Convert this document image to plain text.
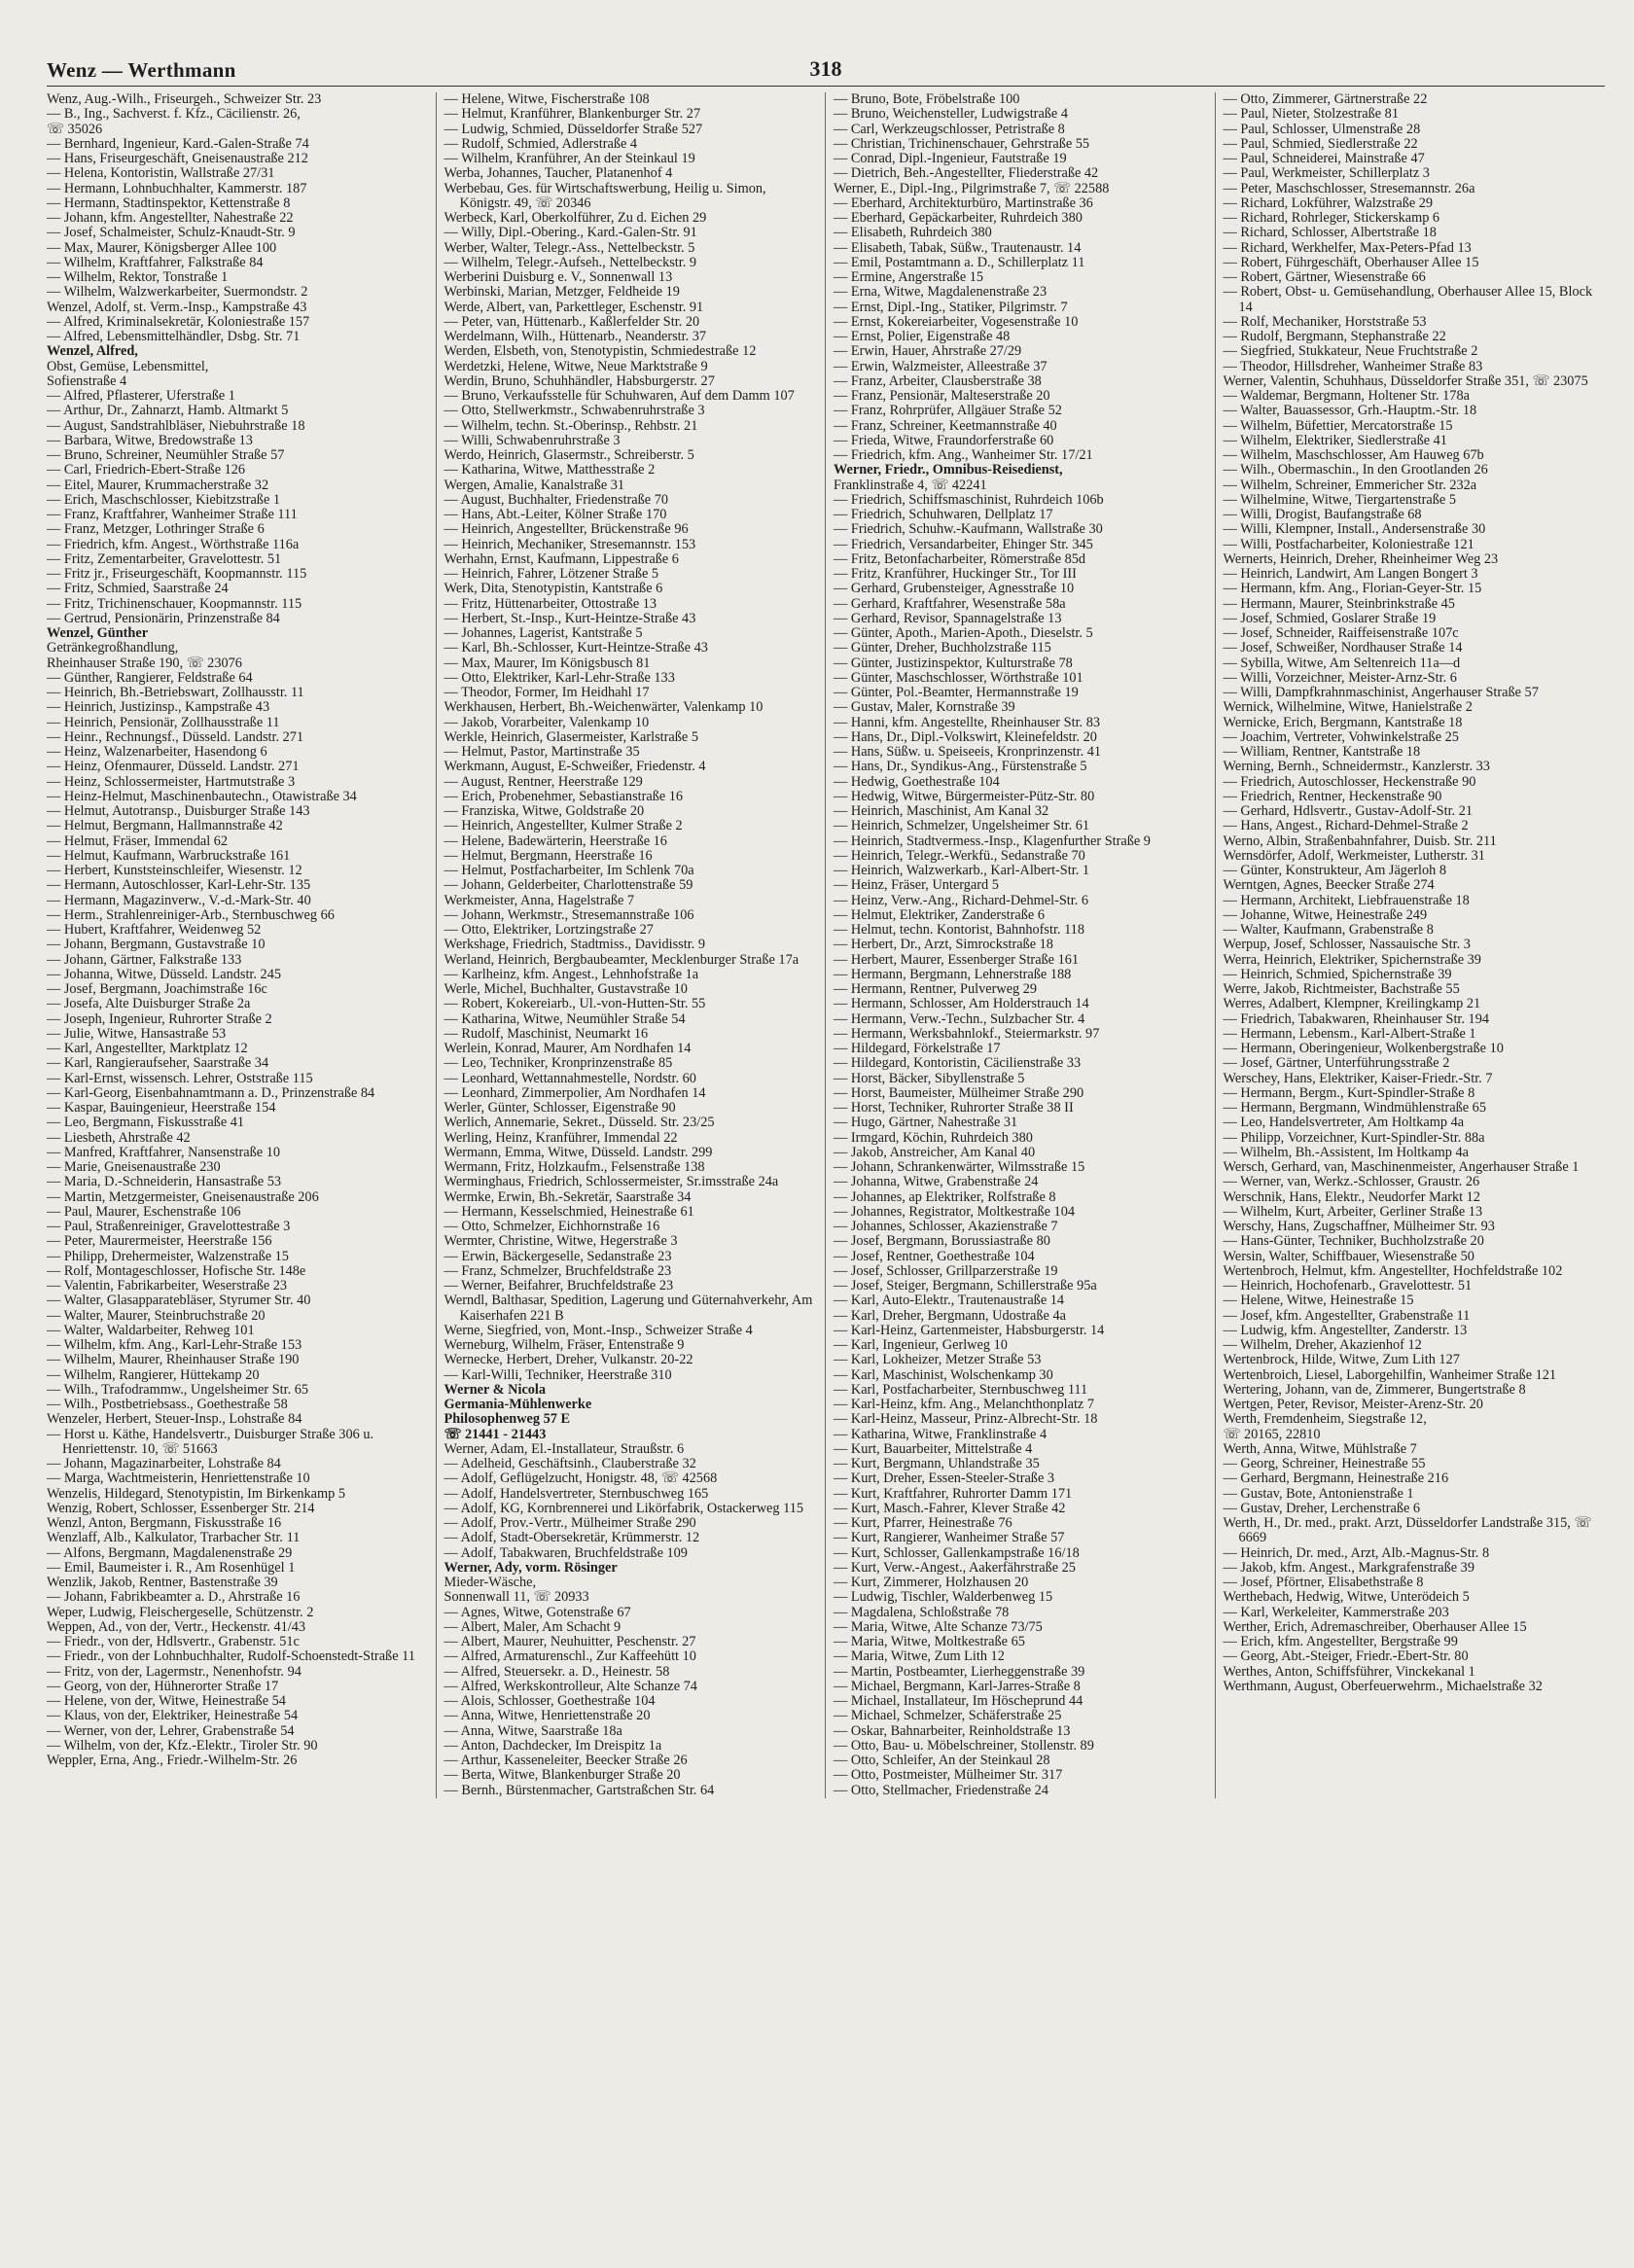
Wenz — Werthmann	318
Wenz, Aug.-Wilh., Friseurgeh., Schweizer Str. 23
— B., Ing., Sachverst. f. Kfz., Cäcilienstr. 26,
☏ 35026
— Bernhard, Ingenieur, Kard.-Galen-Straße 74
— Hans, Friseurgeschäft, Gneisenaustraße 212
— Helena, Kontoristin, Wallstraße 27/31
— Hermann, Lohnbuchhalter, Kammerstr. 187
— Hermann, Stadtinspektor, Kettenstraße 8
— Johann, kfm. Angestellter, Nahestraße 22
— Josef, Schalmeister, Schulz-Knaudt-Str. 9
— Max, Maurer, Königsberger Allee 100
— Wilhelm, Kraftfahrer, Falkstraße 84
— Wilhelm, Rektor, Tonstraße 1
— Wilhelm, Walzwerkarbeiter, Suermondstr. 2
Wenzel, Adolf, st. Verm.-Insp., Kampstraße 43
— Alfred, Kriminalsekretär, Koloniestraße 157
— Alfred, Lebensmittelhändler, Dsbg. Str. 71
Wenzel, Alfred,
Obst, Gemüse, Lebensmittel,
Sofienstraße 4
— Alfred, Pflasterer, Uferstraße 1
— Arthur, Dr., Zahnarzt, Hamb. Altmarkt 5
— August, Sandstrahlbläser, Niebuhrstraße 18
— Barbara, Witwe, Bredowstraße 13
— Bruno, Schreiner, Neumühler Straße 57
— Carl, Friedrich-Ebert-Straße 126
— Eitel, Maurer, Krummacherstraße 32
— Erich, Maschschlosser, Kiebitzstraße 1
— Franz, Kraftfahrer, Wanheimer Straße 111
— Franz, Metzger, Lothringer Straße 6
— Friedrich, kfm. Angest., Wörthstraße 116a
— Fritz, Zementarbeiter, Gravelottestr. 51
— Fritz jr., Friseurgeschäft, Koopmannstr. 115
— Fritz, Schmied, Saarstraße 24
— Fritz, Trichinenschauer, Koopmannstr. 115
— Gertrud, Pensionärin, Prinzenstraße 84
Wenzel, Günther
Getränkegroßhandlung,
Rheinhauser Straße 190, ☏ 23076
— Günther, Rangierer, Feldstraße 64
— Heinrich, Bh.-Betriebswart, Zollhausstr. 11
— Heinrich, Justizinsp., Kampstraße 43
— Heinrich, Pensionär, Zollhausstraße 11
— Heinr., Rechnungsf., Düsseld. Landstr. 271
— Heinz, Walzenarbeiter, Hasendong 6
— Heinz, Ofenmaurer, Düsseld. Landstr. 271
— Heinz, Schlossermeister, Hartmutstraße 3
— Heinz-Helmut, Maschinenbautechn., Otawistraße 34
— Helmut, Autotransp., Duisburger Straße 143
— Helmut, Bergmann, Hallmannstraße 42
— Helmut, Fräser, Immendal 62
— Helmut, Kaufmann, Warbruckstraße 161
— Herbert, Kunststeinschleifer, Wiesenstr. 12
— Hermann, Autoschlosser, Karl-Lehr-Str. 135
— Hermann, Magazinverw., V.-d.-Mark-Str. 40
— Herm., Strahlenreiniger-Arb., Sternbuschweg 66
— Hubert, Kraftfahrer, Weidenweg 52
— Johann, Bergmann, Gustavstraße 10
— Johann, Gärtner, Falkstraße 133
— Johanna, Witwe, Düsseld. Landstr. 245
— Josef, Bergmann, Joachimstraße 16c
— Josefa, Alte Duisburger Straße 2a
— Joseph, Ingenieur, Ruhrorter Straße 2
— Julie, Witwe, Hansastraße 53
— Karl, Angestellter, Marktplatz 12
— Karl, Rangieraufseher, Saarstraße 34
— Karl-Ernst, wissensch. Lehrer, Oststraße 115
— Karl-Georg, Eisenbahnamtmann a. D., Prinzenstraße 84
— Kaspar, Bauingenieur, Heerstraße 154
— Leo, Bergmann, Fiskusstraße 41
— Liesbeth, Ahrstraße 42
— Manfred, Kraftfahrer, Nansenstraße 10
— Marie, Gneisenaustraße 230
— Maria, D.-Schneiderin, Hansastraße 53
— Martin, Metzgermeister, Gneisenaustraße 206
— Paul, Maurer, Eschenstraße 106
— Paul, Straßenreiniger, Gravelottestraße 3
— Peter, Maurermeister, Heerstraße 156
— Philipp, Drehermeister, Walzenstraße 15
— Rolf, Montageschlosser, Hofische Str. 148e
— Valentin, Fabrikarbeiter, Weserstraße 23
— Walter, Glasapparatebläser, Styrumer Str. 40
— Walter, Maurer, Steinbruchstraße 20
— Walter, Waldarbeiter, Rehweg 101
— Wilhelm, kfm. Ang., Karl-Lehr-Straße 153
— Wilhelm, Maurer, Rheinhauser Straße 190
— Wilhelm, Rangierer, Hüttekamp 20
— Wilh., Trafodrammw., Ungelsheimer Str. 65
— Wilh., Postbetriebsass., Goethestraße 58
Wenzeler, Herbert, Steuer-Insp., Lohstraße 84
— Horst u. Käthe, Handelsvertr., Duisburger Straße 306 u. Henriettenstr. 10, ☏ 51663
— Johann, Magazinarbeiter, Lohstraße 84
— Marga, Wachtmeisterin, Henriettenstraße 10
Wenzelis, Hildegard, Stenotypistin, Im Birkenkamp 5
Wenzig, Robert, Schlosser, Essenberger Str. 214
Wenzl, Anton, Bergmann, Fiskusstraße 16
Wenzlaff, Alb., Kalkulator, Trarbacher Str. 11
— Alfons, Bergmann, Magdalenenstraße 29
— Emil, Baumeister i. R., Am Rosenhügel 1
Wenzlik, Jakob, Rentner, Bastenstraße 39
— Johann, Fabrikbeamter a. D., Ahrstraße 16
Weper, Ludwig, Fleischergeselle, Schützenstr. 2
Weppen, Ad., von der, Vertr., Heckenstr. 41/43
— Friedr., von der, Hdlsvertr., Grabenstr. 51c
— Friedr., von der Lohnbuchhalter, Rudolf-Schoenstedt-Straße 11
— Fritz, von der, Lagermstr., Nenenhofstr. 94
— Georg, von der, Hühnerorter Straße 17
— Helene, von der, Witwe, Heinestraße 54
— Klaus, von der, Elektriker, Heinestraße 54
— Werner, von der, Lehrer, Grabenstraße 54
— Wilhelm, von der, Kfz.-Elektr., Tiroler Str. 90
Weppler, Erna, Ang., Friedr.-Wilhelm-Str. 26
— Helene, Witwe, Fischerstraße 108
— Helmut, Kranführer, Blankenburger Str. 27
— Ludwig, Schmied, Düsseldorfer Straße 527
— Rudolf, Schmied, Adlerstraße 4
— Wilhelm, Kranführer, An der Steinkaul 19
Werba, Johannes, Taucher, Platanenhof 4
Werbebau, Ges. für Wirtschaftswerbung, Heilig u. Simon, Königstr. 49, ☏ 20346
Werbeck, Karl, Oberkolführer, Zu d. Eichen 29
— Willy, Dipl.-Obering., Kard.-Galen-Str. 91
Werber, Walter, Telegr.-Ass., Nettelbeckstr. 5
— Wilhelm, Telegr.-Aufseh., Nettelbeckstr. 9
Werberini Duisburg e. V., Sonnenwall 13
Werbinski, Marian, Metzger, Feldheide 19
Werde, Albert, van, Parkettleger, Eschenstr. 91
— Peter, van, Hüttenarb., Kaßlerfelder Str. 20
Werdelmann, Wilh., Hüttenarb., Neanderstr. 37
Werden, Elsbeth, von, Stenotypistin, Schmiedestraße 12
Werdetzki, Helene, Witwe, Neue Marktstraße 9
Werdin, Bruno, Schuhhändler, Habsburgerstr. 27
— Bruno, Verkaufsstelle für Schuhwaren, Auf dem Damm 107
— Otto, Stellwerkmstr., Schwabenruhrstraße 3
— Wilhelm, techn. St.-Oberinsp., Rehbstr. 21
— Willi, Schwabenruhrstraße 3
Werdo, Heinrich, Glasermstr., Schreiberstr. 5
— Katharina, Witwe, Matthesstraße 2
Wergen, Amalie, Kanalstraße 31
— August, Buchhalter, Friedenstraße 70
— Hans, Abt.-Leiter, Kölner Straße 170
— Heinrich, Angestellter, Brückenstraße 96
— Heinrich, Mechaniker, Stresemannstr. 153
Werhahn, Ernst, Kaufmann, Lippestraße 6
— Heinrich, Fahrer, Lötzener Straße 5
Werk, Dita, Stenotypistin, Kantstraße 6
— Fritz, Hüttenarbeiter, Ottostraße 13
— Herbert, St.-Insp., Kurt-Heintze-Straße 43
— Johannes, Lagerist, Kantstraße 5
— Karl, Bh.-Schlosser, Kurt-Heintze-Straße 43
— Max, Maurer, Im Königsbusch 81
— Otto, Elektriker, Karl-Lehr-Straße 133
— Theodor, Former, Im Heidhahl 17
Werkhausen, Herbert, Bh.-Weichenwärter, Valenkamp 10
— Jakob, Vorarbeiter, Valenkamp 10
Werkle, Heinrich, Glasermeister, Karlstraße 5
— Helmut, Pastor, Martinstraße 35
Werkmann, August, E-Schweißer, Friedenstr. 4
— August, Rentner, Heerstraße 129
— Erich, Probenehmer, Sebastianstraße 16
— Franziska, Witwe, Goldstraße 20
— Heinrich, Angestellter, Kulmer Straße 2
— Helene, Badewärterin, Heerstraße 16
— Helmut, Bergmann, Heerstraße 16
— Helmut, Postfacharbeiter, Im Schlenk 70a
— Johann, Gelderbeiter, Charlottenstraße 59
Werkmeister, Anna, Hagelstraße 7
— Johann, Werkmstr., Stresemannstraße 106
— Otto, Elektriker, Lortzingstraße 27
Werkshage, Friedrich, Stadtmiss., Davidisstr. 9
Werland, Heinrich, Bergbaubeamter, Mecklenburger Straße 17a
— Karlheinz, kfm. Angest., Lehnhofstraße 1a
Werle, Michel, Buchhalter, Gustavstraße 10
— Robert, Kokereiarb., Ul.-von-Hutten-Str. 55
— Katharina, Witwe, Neumühler Straße 54
— Rudolf, Maschinist, Neumarkt 16
Werlein, Konrad, Maurer, Am Nordhafen 14
— Leo, Techniker, Kronprinzenstraße 85
— Leonhard, Wettannahmestelle, Nordstr. 60
— Leonhard, Zimmerpolier, Am Nordhafen 14
Werler, Günter, Schlosser, Eigenstraße 90
Werlich, Annemarie, Sekret., Düsseld. Str. 23/25
Werling, Heinz, Kranführer, Immendal 22
Wermann, Emma, Witwe, Düsseld. Landstr. 299
Wermann, Fritz, Holzkaufm., Felsenstraße 138
Werminghaus, Friedrich, Schlossermeister, Sr.imsstraße 24a
Wermke, Erwin, Bh.-Sekretär, Saarstraße 34
— Hermann, Kesselschmied, Heinestraße 61
— Otto, Schmelzer, Eichhornstraße 16
Wermter, Christine, Witwe, Hegerstraße 3
— Erwin, Bäckergeselle, Sedanstraße 23
— Franz, Schmelzer, Bruchfeldstraße 23
— Werner, Beifahrer, Bruchfeldstraße 23
Werndl, Balthasar, Spedition, Lagerung und Güternahverkehr, Am Kaiserhafen 221 B
Werne, Siegfried, von, Mont.-Insp., Schweizer Straße 4
Werneburg, Wilhelm, Fräser, Entenstraße 9
Wernecke, Herbert, Dreher, Vulkanstr. 20-22
— Karl-Willi, Techniker, Heerstraße 310
Werner & Nicola
Germania-Mühlenwerke
Philosophenweg 57 E
☏ 21441 - 21443
Werner, Adam, El.-Installateur, Straußstr. 6
— Adelheid, Geschäftsinh., Clauberstraße 32
— Adolf, Geflügelzucht, Honigstr. 48, ☏ 42568
— Adolf, Handelsvertreter, Sternbuschweg 165
— Adolf, KG, Kornbrennerei und Likörfabrik, Ostackerweg 115
— Adolf, Prov.-Vertr., Mülheimer Straße 290
— Adolf, Stadt-Obersekretär, Krümmerstr. 12
— Adolf, Tabakwaren, Bruchfeldstraße 109
Werner, Ady, vorm. Rösinger
Mieder-Wäsche,
Sonnenwall 11, ☏ 20933
— Agnes, Witwe, Gotenstraße 67
— Albert, Maler, Am Schacht 9
— Albert, Maurer, Neuhuitter, Peschenstr. 27
— Alfred, Armaturenschl., Zur Kaffeehütt 10
— Alfred, Steuersekr. a. D., Heinestr. 58
— Alfred, Werkskontrolleur, Alte Schanze 74
— Alois, Schlosser, Goethestraße 104
— Anna, Witwe, Henriettenstraße 20
— Anna, Witwe, Saarstraße 18a
— Anton, Dachdecker, Im Dreispitz 1a
— Arthur, Kasseneleiter, Beecker Straße 26
— Berta, Witwe, Blankenburger Straße 20
— Bernh., Bürstenmacher, Gartstraßchen Str. 64
— Bruno, Bote, Fröbelstraße 100
— Bruno, Weichensteller, Ludwigstraße 4
— Carl, Werkzeugschlosser, Petristraße 8
— Christian, Trichinenschauer, Gehrstraße 55
— Conrad, Dipl.-Ingenieur, Fautstraße 19
— Dietrich, Beh.-Angestellter, Fliederstraße 42
Werner, E., Dipl.-Ing., Pilgrimstraße 7, ☏ 22588
— Eberhard, Architekturbüro, Martinstraße 36
— Eberhard, Gepäckarbeiter, Ruhrdeich 380
— Elisabeth, Ruhrdeich 380
— Elisabeth, Tabak, Süßw., Trautenaustr. 14
— Emil, Postamtmann a. D., Schillerplatz 11
— Ermine, Angerstraße 15
— Erna, Witwe, Magdalenenstraße 23
— Ernst, Dipl.-Ing., Statiker, Pilgrimstr. 7
— Ernst, Kokereiarbeiter, Vogesenstraße 10
— Ernst, Polier, Eigenstraße 48
— Erwin, Hauer, Ahrstraße 27/29
— Erwin, Walzmeister, Alleestraße 37
— Franz, Arbeiter, Clausberstraße 38
— Franz, Pensionär, Malteserstraße 20
— Franz, Rohrprüfer, Allgäuer Straße 52
— Franz, Schreiner, Keetmannstraße 40
— Frieda, Witwe, Fraundorferstraße 60
— Friedrich, kfm. Ang., Wanheimer Str. 17/21
Werner, Friedr., Omnibus-Reisedienst,
Franklinstraße 4, ☏ 42241
— Friedrich, Schiffsmaschinist, Ruhrdeich 106b
— Friedrich, Schuhwaren, Dellplatz 17
— Friedrich, Schuhw.-Kaufmann, Wallstraße 30
— Friedrich, Versandarbeiter, Ehinger Str. 345
— Fritz, Betonfacharbeiter, Römerstraße 85d
— Fritz, Kranführer, Huckinger Str., Tor III
— Gerhard, Grubensteiger, Agnesstraße 10
— Gerhard, Kraftfahrer, Wesenstraße 58a
— Gerhard, Revisor, Spannagelstraße 13
— Günter, Apoth., Marien-Apoth., Dieselstr. 5
— Günter, Dreher, Buchholzstraße 115
— Günter, Justizinspektor, Kulturstraße 78
— Günter, Maschschlosser, Wörthstraße 101
— Günter, Pol.-Beamter, Hermannstraße 19
— Gustav, Maler, Kornstraße 39
— Hanni, kfm. Angestellte, Rheinhauser Str. 83
— Hans, Dr., Dipl.-Volkswirt, Kleinefeldstr. 20
— Hans, Süßw. u. Speiseeis, Kronprinzenstr. 41
— Hans, Dr., Syndikus-Ang., Fürstenstraße 5
— Hedwig, Goethestraße 104
— Hedwig, Witwe, Bürgermeister-Pütz-Str. 80
— Heinrich, Maschinist, Am Kanal 32
— Heinrich, Schmelzer, Ungelsheimer Str. 61
— Heinrich, Stadtvermess.-Insp., Klagenfurther Straße 9
— Heinrich, Telegr.-Werkfü., Sedanstraße 70
— Heinrich, Walzwerkarb., Karl-Albert-Str. 1
— Heinz, Fräser, Untergard 5
— Heinz, Verw.-Ang., Richard-Dehmel-Str. 6
— Helmut, Elektriker, Zanderstraße 6
— Helmut, techn. Kontorist, Bahnhofstr. 118
— Herbert, Dr., Arzt, Simrockstraße 18
— Herbert, Maurer, Essenberger Straße 161
— Hermann, Bergmann, Lehnerstraße 188
— Hermann, Rentner, Pulverweg 29
— Hermann, Schlosser, Am Holderstrauch 14
— Hermann, Verw.-Techn., Sulzbacher Str. 4
— Hermann, Werksbahnlokf., Steiermarkstr. 97
— Hildegard, Förkelstraße 17
— Hildegard, Kontoristin, Cäcilienstraße 33
— Horst, Bäcker, Sibyllenstraße 5
— Horst, Baumeister, Mülheimer Straße 290
— Horst, Techniker, Ruhrorter Straße 38 II
— Hugo, Gärtner, Nahestraße 31
— Irmgard, Köchin, Ruhrdeich 380
— Jakob, Anstreicher, Am Kanal 40
— Johann, Schrankenwärter, Wilmsstraße 15
— Johanna, Witwe, Grabenstraße 24
— Johannes, ap Elektriker, Rolfstraße 8
— Johannes, Registrator, Moltkestraße 104
— Johannes, Schlosser, Akazienstraße 7
— Josef, Bergmann, Borussiastraße 80
— Josef, Rentner, Goethestraße 104
— Josef, Schlosser, Grillparzerstraße 19
— Josef, Steiger, Bergmann, Schillerstraße 95a
— Karl, Auto-Elektr., Trautenaustraße 14
— Karl, Dreher, Bergmann, Udostraße 4a
— Karl-Heinz, Gartenmeister, Habsburgerstr. 14
— Karl, Ingenieur, Gerlweg 10
— Karl, Lokheizer, Metzer Straße 53
— Karl, Maschinist, Wolschenkamp 30
— Karl, Postfacharbeiter, Sternbuschweg 111
— Karl-Heinz, kfm. Ang., Melanchthonplatz 7
— Karl-Heinz, Masseur, Prinz-Albrecht-Str. 18
— Katharina, Witwe, Franklinstraße 4
— Kurt, Bauarbeiter, Mittelstraße 4
— Kurt, Bergmann, Uhlandstraße 35
— Kurt, Dreher, Essen-Steeler-Straße 3
— Kurt, Kraftfahrer, Ruhrorter Damm 171
— Kurt, Masch.-Fahrer, Klever Straße 42
— Kurt, Pfarrer, Heinestraße 76
— Kurt, Rangierer, Wanheimer Straße 57
— Kurt, Schlosser, Gallenkampstraße 16/18
— Kurt, Verw.-Angest., Aakerfährstraße 25
— Kurt, Zimmerer, Holzhausen 20
— Ludwig, Tischler, Walderbenweg 15
— Magdalena, Schloßstraße 78
— Maria, Witwe, Alte Schanze 73/75
— Maria, Witwe, Moltkestraße 65
— Maria, Witwe, Zum Lith 12
— Martin, Postbeamter, Lierheggenstraße 39
— Michael, Bergmann, Karl-Jarres-Straße 8
— Michael, Installateur, Im Höscheprund 44
— Michael, Schmelzer, Schäferstraße 25
— Oskar, Bahnarbeiter, Reinholdstraße 13
— Otto, Bau- u. Möbelschreiner, Stollenstr. 89
— Otto, Schleifer, An der Steinkaul 28
— Otto, Postmeister, Mülheimer Str. 317
— Otto, Stellmacher, Friedenstraße 24
— Otto, Zimmerer, Gärtnerstraße 22
— Paul, Nieter, Stolzestraße 81
— Paul, Schlosser, Ulmenstraße 28
— Paul, Schmied, Siedlerstraße 22
— Paul, Schneiderei, Mainstraße 47
— Paul, Werkmeister, Schillerplatz 3
— Peter, Maschschlosser, Stresemannstr. 26a
— Richard, Lokführer, Walzstraße 29
— Richard, Rohrleger, Stickerskamp 6
— Richard, Schlosser, Albertstraße 18
— Richard, Werkhelfer, Max-Peters-Pfad 13
— Robert, Führgeschäft, Oberhauser Allee 15
— Robert, Gärtner, Wiesenstraße 66
— Robert, Obst- u. Gemüsehandlung, Oberhauser Allee 15, Block 14
— Rolf, Mechaniker, Horststraße 53
— Rudolf, Bergmann, Stephanstraße 22
— Siegfried, Stukkateur, Neue Fruchtstraße 2
— Theodor, Hillsdreher, Wanheimer Straße 83
Werner, Valentin, Schuhhaus, Düsseldorfer Straße 351, ☏ 23075
— Waldemar, Bergmann, Holtener Str. 178a
— Walter, Bauassessor, Grh.-Hauptm.-Str. 18
— Wilhelm, Büfettier, Mercatorstraße 15
— Wilhelm, Elektriker, Siedlerstraße 41
— Wilhelm, Maschschlosser, Am Hauweg 67b
— Wilh., Obermaschin., In den Grootlanden 26
— Wilhelm, Schreiner, Emmericher Str. 232a
— Wilhelmine, Witwe, Tiergartenstraße 5
— Willi, Drogist, Baufangstraße 68
— Willi, Klempner, Install., Andersenstraße 30
— Willi, Postfacharbeiter, Koloniestraße 121
Wernerts, Heinrich, Dreher, Rheinheimer Weg 23
— Heinrich, Landwirt, Am Langen Bongert 3
— Hermann, kfm. Ang., Florian-Geyer-Str. 15
— Hermann, Maurer, Steinbrinkstraße 45
— Josef, Schmied, Goslarer Straße 19
— Josef, Schneider, Raiffeisenstraße 107c
— Josef, Schweißer, Nordhauser Straße 14
— Sybilla, Witwe, Am Seltenreich 11a—d
— Willi, Vorzeichner, Meister-Arnz-Str. 6
— Willi, Dampfkrahnmaschinist, Angerhauser Straße 57
Wernick, Wilhelmine, Witwe, Hanielstraße 2
Wernicke, Erich, Bergmann, Kantstraße 18
— Joachim, Vertreter, Vohwinkelstraße 25
— William, Rentner, Kantstraße 18
Werning, Bernh., Schneidermstr., Kanzlerstr. 33
— Friedrich, Autoschlosser, Heckenstraße 90
— Friedrich, Rentner, Heckenstraße 90
— Gerhard, Hdlsvertr., Gustav-Adolf-Str. 21
— Hans, Angest., Richard-Dehmel-Straße 2
Werno, Albin, Straßenbahnfahrer, Duisb. Str. 211
Wernsdörfer, Adolf, Werkmeister, Lutherstr. 31
— Günter, Konstrukteur, Am Jägerloh 8
Werntgen, Agnes, Beecker Straße 274
— Hermann, Architekt, Liebfrauenstraße 18
— Johanne, Witwe, Heinestraße 249
— Walter, Kaufmann, Grabenstraße 8
Werpup, Josef, Schlosser, Nassauische Str. 3
Werra, Heinrich, Elektriker, Spichernstraße 39
— Heinrich, Schmied, Spichernstraße 39
Werre, Jakob, Richtmeister, Bachstraße 55
Werres, Adalbert, Klempner, Kreilingkamp 21
— Friedrich, Tabakwaren, Rheinhauser Str. 194
— Hermann, Lebensm., Karl-Albert-Straße 1
— Hermann, Oberingenieur, Wolkenbergstraße 10
— Josef, Gärtner, Unterführungsstraße 2
Werschey, Hans, Elektriker, Kaiser-Friedr.-Str. 7
— Hermann, Bergm., Kurt-Spindler-Straße 8
— Hermann, Bergmann, Windmühlenstraße 65
— Leo, Handelsvertreter, Am Holtkamp 4a
— Philipp, Vorzeichner, Kurt-Spindler-Str. 88a
— Wilhelm, Bh.-Assistent, Im Holtkamp 4a
Wersch, Gerhard, van, Maschinenmeister, Angerhauser Straße 1
— Werner, van, Werkz.-Schlosser, Graustr. 26
Werschnik, Hans, Elektr., Neudorfer Markt 12
— Wilhelm, Kurt, Arbeiter, Gerliner Straße 13
Werschy, Hans, Zugschaffner, Mülheimer Str. 93
— Hans-Günter, Techniker, Buchholzstraße 20
Wersin, Walter, Schiffbauer, Wiesenstraße 50
Wertenbroch, Helmut, kfm. Angestellter, Hochfeldstraße 102
— Heinrich, Hochofenarb., Gravelottestr. 51
— Helene, Witwe, Heinestraße 15
— Josef, kfm. Angestellter, Grabenstraße 11
— Ludwig, kfm. Angestellter, Zanderstr. 13
— Wilhelm, Dreher, Akazienhof 12
Wertenbrock, Hilde, Witwe, Zum Lith 127
Wertenbroich, Liesel, Laborgehilfin, Wanheimer Straße 121
Wertering, Johann, van de, Zimmerer, Bungertstraße 8
Wertgen, Peter, Revisor, Meister-Arenz-Str. 20
Werth, Fremdenheim, Siegstraße 12,
☏ 20165, 22810
Werth, Anna, Witwe, Mühlstraße 7
— Georg, Schreiner, Heinestraße 55
— Gerhard, Bergmann, Heinestraße 216
— Gustav, Bote, Antonienstraße 1
— Gustav, Dreher, Lerchenstraße 6
Werth, H., Dr. med., prakt. Arzt, Düsseldorfer Landstraße 315, ☏ 6669
— Heinrich, Dr. med., Arzt, Alb.-Magnus-Str. 8
— Jakob, kfm. Angest., Markgrafenstraße 39
— Josef, Pförtner, Elisabethstraße 8
Werthebach, Hedwig, Witwe, Unterödeich 5
— Karl, Werkeleiter, Kammerstraße 203
Werther, Erich, Adremaschreiber, Oberhauser Allee 15
— Erich, kfm. Angestellter, Bergstraße 99
— Georg, Abt.-Steiger, Friedr.-Ebert-Str. 80
Werthes, Anton, Schiffsführer, Vinckekanal 1
Werthmann, August, Oberfeuerwehrm., Michaelstraße 32
